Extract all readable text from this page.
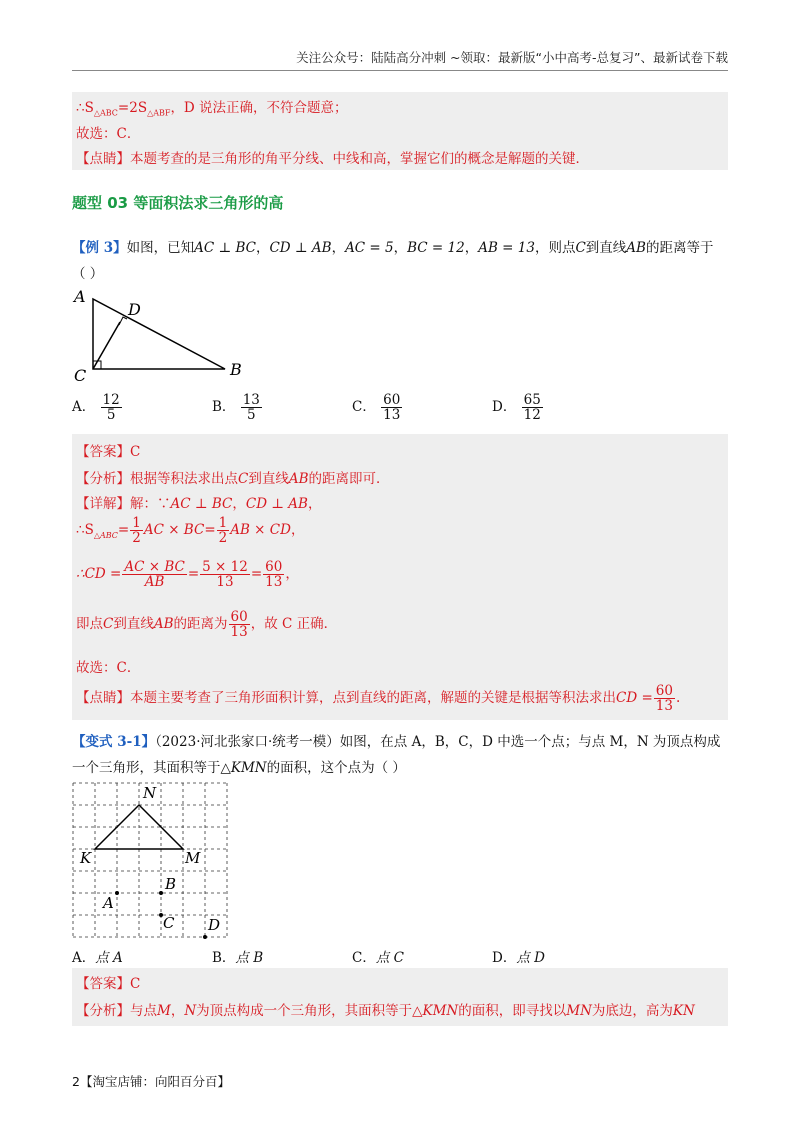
关注公众号：陆陆高分冲刺 ~领取：最新版“小中高考-总复习”、最新试卷下载
$\therefore S_{\triangle ABC}=2S_{\triangle ABF}$，D 说法正确，不符合题意；
故选：C．
【点睛】本题考查的是三角形的角平分线、中线和高，掌握它们的概念是解题的关键．
题型 03 等面积法求三角形的高
【例 3】如图，已知AC ⊥ BC，CD ⊥ AB，AC = 5，BC = 12，AB = 13，则点C到直线AB的距离等于
（ ）
A
D
C	B
A． $\frac{12}{5}$	B． $\frac{13}{5}$	C． $\frac{60}{13}$	D． $\frac{65}{12}$
【答案】C
【分析】根据等积法求出点C到直线AB的距离即可．
【详解】解：∵AC ⊥ BC，CD ⊥ AB，
$\therefore S_{\triangle ABC}= \frac{1}{2}$ AC × $BC= \frac{1}{2}$ AB × CD，
∴CD = $\frac{AC \times BC}{AB} = \frac{5 \times 12}{13} = \frac{60}{13}$ ，
即点C到直线AB的距离为 $\frac{60}{13}$ ，故 C 正确．
故选：C．
【点睛】本题主要考查了三角形面积计算，点到直线的距离，解题的关键是根据等积法求出CD = $\frac{60}{13}$ .
【变式 3-1】（2023·河北张家口·统考一模）如图，在点 A，B，C，D 中选一个点；与点 M，N 为顶点构成
一个三角形，其面积等于△KMN的面积，这个点为（ ）
N
K	M
A
B
C D
A．点 A	B．点 B	C．点 C	D．点 D
【答案】C
【分析】与点M，N为顶点构成一个三角形，其面积等于△KMN的面积，即寻找以MN为底边，高为KN
2【淘宝店铺：向阳百分百】
